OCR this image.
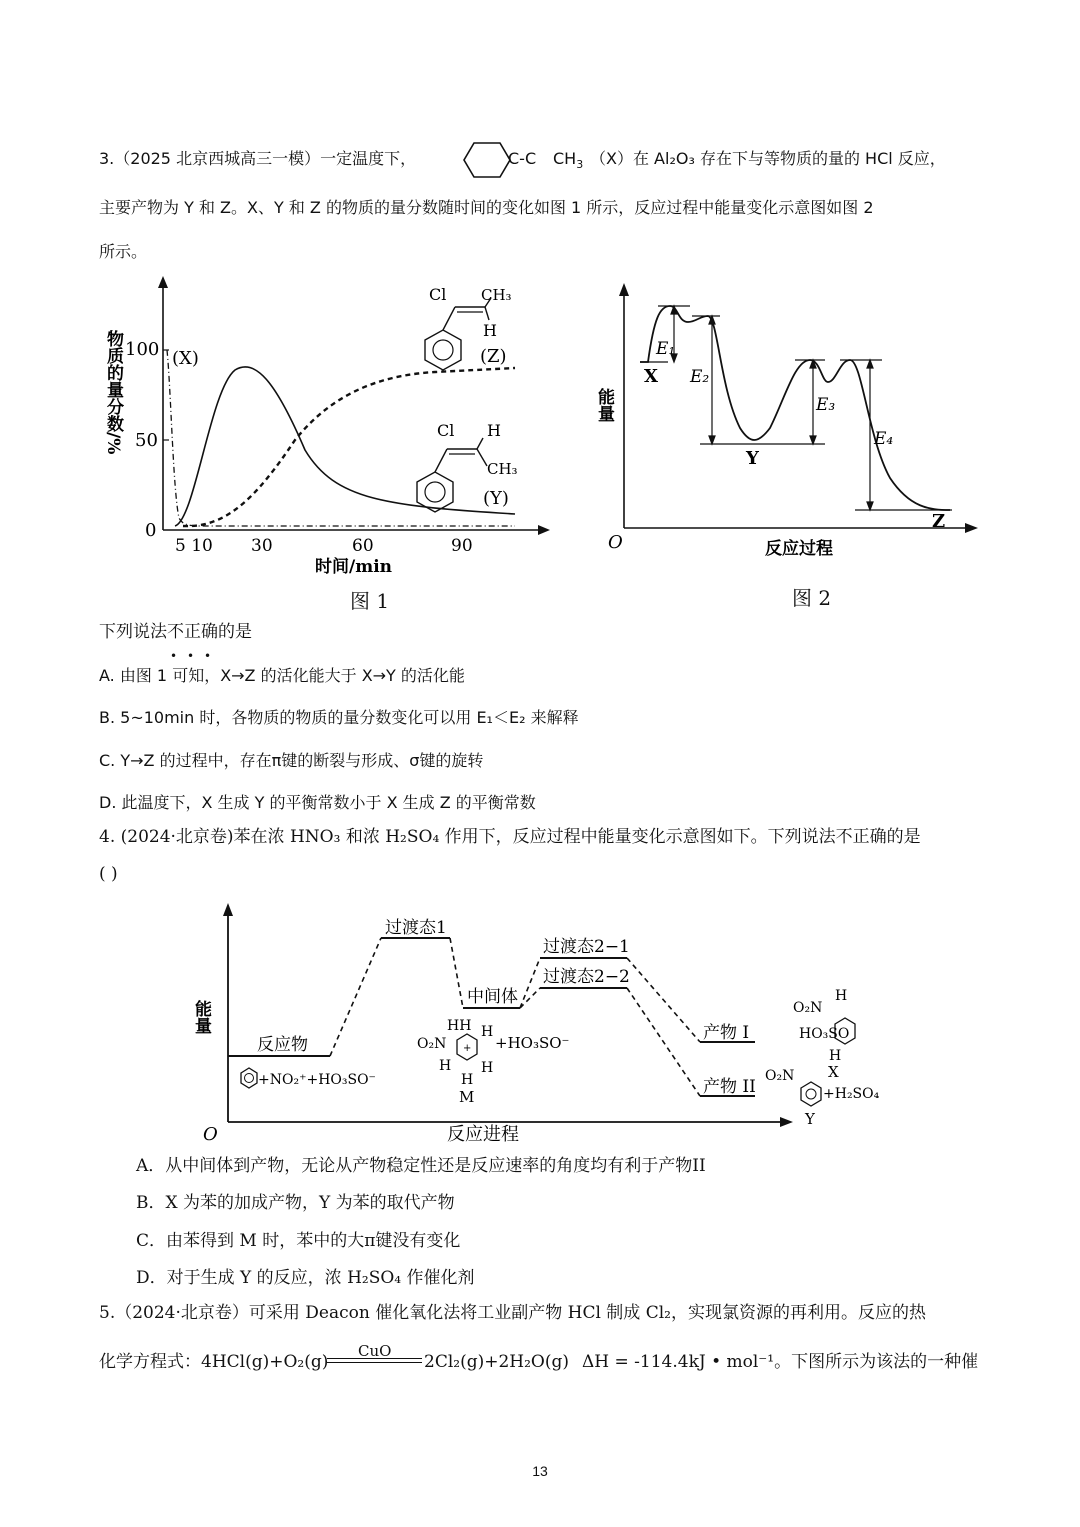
3.（2025 北京西城高三一模）一定温度下，	C-C $CH_3$ （X）在 Al₂O₃ 存在下与等物质的量的 HCl 反应，
主要产物为 Y 和 Z。X、Y 和 Z 的物质的量分数随时间的变化如图 1 所示，反应过程中能量变化示意图如图 2
所示。
100
50
0
5 10 30	60	90
物质的量分数/%
时间/min
(X)	(Z)
(Y)
Cl CH₃
H
Cl H
CH₃
图 1
O
能量
反应过程
X
Y
Z
E₁
E₂
E₃
E₄
图 2
下列说法不正确
• • •
的是
A. 由图 1 可知，X→Z 的活化能大于 X→Y 的活化能
B. 5~10min 时，各物质的物质的量分数变化可以用 E₁＜E₂ 来解释
C. Y→Z 的过程中，存在π键的断裂与形成、σ键的旋转
D. 此温度下，X 生成 Y 的平衡常数小于 X 生成 Z 的平衡常数
4. (2024·北京卷)苯在浓 HNO₃ 和浓 H₂SO₄ 作用下，反应过程中能量变化示意图如下。下列说法不正确的是
( )
O
能量
反应进程
过渡态1
中间体
过渡态2−1
过渡态2−2
反应物
产物 I
产物 II
+NO₂⁺+HO₃SO⁻
+
O₂N
HH H
H H
H
+HO₃SO⁻
M
O₂N
H
HO₃SO
H
X
O₂N
+H₂SO₄
Y
A．从中间体到产物，无论从产物稳定性还是反应速率的角度均有利于产物II
B．X 为苯的加成产物，Y 为苯的取代产物
C．由苯得到 M 时，苯中的大π键没有变化
D．对于生成 Y 的反应，浓 H₂SO₄ 作催化剂
5.（2024·北京卷）可采用 Deacon 催化氧化法将工业副产物 HCl 制成 Cl₂，实现氯资源的再利用。反应的热
化学方程式：4HCl(g)+O₂(g)
CuO
2Cl₂(g)+2H₂O(g) ΔH = -114.4kJ • mol⁻¹。下图所示为该法的一种催
13
